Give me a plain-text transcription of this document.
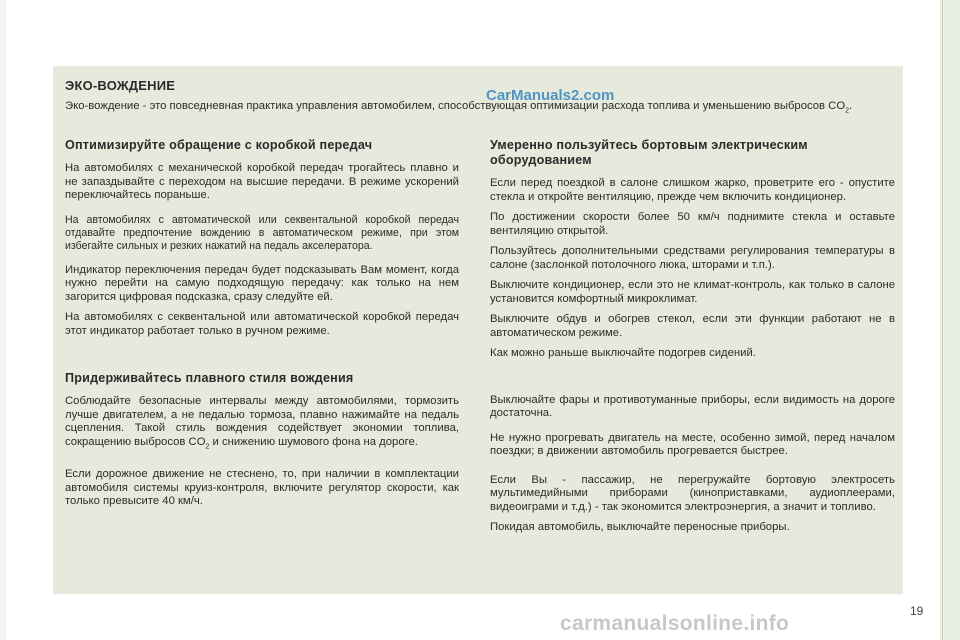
ЭКО-ВОЖДЕНИЕ
CarManuals2.com
Эко-вождение - это повседневная практика управления автомобилем, способствующая оптимизации расхода топлива и уменьшению выбросов $CO_2$.
Оптимизируйте обращение с коробкой передач

На автомобилях с механической коробкой передач трогайтесь плавно и не запаздывайте с переходом на высшие передачи. В режиме ускорений переключайтесь пораньше.

На автомобилях с автоматической или секвентальной коробкой передач отдавайте предпочтение вождению в автоматическом режиме, при этом избегайте сильных и резких нажатий на педаль акселератора.

Индикатор переключения передач будет подсказывать Вам момент, когда нужно перейти на самую подходящую передачу: как только на нем загорится цифровая подсказка, сразу следуйте ей.

На автомобилях с секвентальной или автоматической коробкой передач этот индикатор работает только в ручном режиме.

Придерживайтесь плавного стиля вождения

Соблюдайте безопасные интервалы между автомобилями, тормозить лучше двигателем, а не педалью тормоза, плавно нажимайте на педаль сцепления. Такой стиль вождения содействует экономии топлива, сокращению выбросов $CO_2$ и снижению шумового фона на дороге.

Если дорожное движение не стеснено, то, при наличии в комплектации автомобиля системы круиз-контроля, включите регулятор скорости, как только превысите 40 км/ч.

Умеренно пользуйтесь бортовым электрическим оборудованием

Если перед поездкой в салоне слишком жарко, проветрите его - опустите стекла и откройте вентиляцию, прежде чем включить кондиционер.

По достижении скорости более 50 км/ч поднимите стекла и оставьте вентиляцию открытой.

Пользуйтесь дополнительными средствами регулирования температуры в салоне (заслонкой потолочного люка, шторами и т.п.).

Выключите кондиционер, если это не климат-контроль, как только в салоне установится комфортный микроклимат.

Выключите обдув и обогрев стекол, если эти функции работают не в автоматическом режиме.

Как можно раньше выключайте подогрев сидений.

Выключайте фары и противотуманные приборы, если видимость на дороге достаточна.

Не нужно прогревать двигатель на месте, особенно зимой, перед началом поездки; в движении автомобиль прогревается быстрее.

Если Вы - пассажир, не перегружайте бортовую электросеть мультимедийными приборами (киноприставками, аудиоплеерами, видеоиграми и т.д.) - так экономится электроэнергия, а значит и топливо.

Покидая автомобиль, выключайте переносные приборы.

19
carmanualsonline.info
